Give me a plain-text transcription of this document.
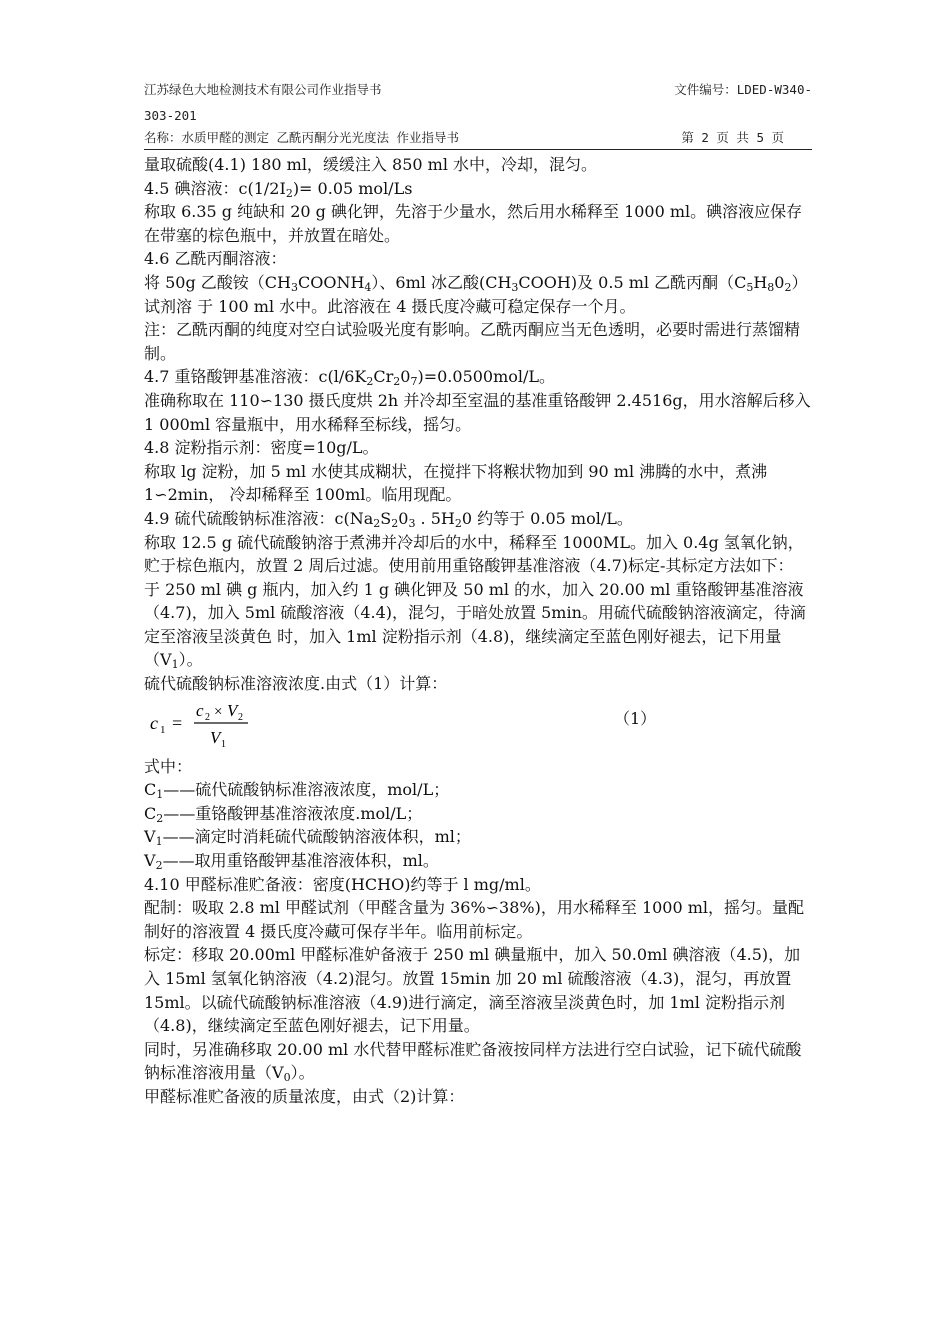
江苏绿色大地检测技术有限公司作业指导书	文件编号：LDED-W340-
303-201
名称：水质甲醛的测定 乙酰丙酮分光光度法 作业指导书	第 2 页 共 5 页

量取硫酸(4.1) 180 ml，缓缓注入 850 ml 水中，冷却，混匀。

4.5 碘溶液：$c(1/2I_2)= 0.05$ mol/Ls

称取 6.35 g 纯缺和 20 g 碘化钾，先溶于少量水，然后用水稀释至 1000 ml。碘溶液应保存在带塞的棕色瓶中，并放置在暗处。

4.6 乙酰丙酮溶液：

将 50g 乙酸铵$(CH_3COONH_4)$、6ml 冰乙酸$(CH_3COOH)$及 0.5 ml 乙酰丙酮$(C_5H_80_2)$试剂溶 于 100 ml 水中。此溶液在 4 摄氏度冷藏可稳定保存一个月。

注：乙酰丙酮的纯度对空白试验吸光度有影响。乙酰丙酮应当无色透明，必要时需进行蒸馏精制。

4.7 重铬酸钾基准溶液：$c(l/6K_2Cr_20_7)=0.0500mol/L$。

准确称取在 110∽130 摄氏度烘 2h 并冷却至室温的基准重铬酸钾 2.4516g，用水溶解后移入 1 000ml 容量瓶中，用水稀释至标线，摇匀。

4.8 淀粉指示剂：密度=10g/L。

称取 lg 淀粉，加 5 ml 水使其成糊状，在搅拌下将糇状物加到 90 ml 沸腾的水中，煮沸 1∽2min， 冷却稀释至 100ml。临用现配。

4.9 硫代硫酸钠标准溶液：$c(Na_2S_20_3$ . $5H_20$ 约等于 0.05 mol/L。

称取 12.5 g 硫代硫酸钠溶于煮沸并冷却后的水中，稀释至 1000ML。加入 0.4g 氢氧化钠，贮于棕色瓶内，放置 2 周后过滤。使用前用重铬酸钾基准溶液（4.7)标定-其标定方法如下：

于 250 ml 碘 g 瓶内，加入约 1 g 碘化钾及 50 ml 的水，加入 20.00 ml 重铬酸钾基准溶液（4.7)，加入 5ml 硫酸溶液（4.4)，混匀，于暗处放置 5min。用硫代硫酸钠溶液滴定，待滴定至溶液呈淡黄色 时，加入 1ml 淀粉指示剂（4.8)，继续滴定至蓝色刚好褪去，记下用量$(V_1)$。

硫代硫酸钠标准溶液浓度.由式（1）计算：

c 1 =
c 2 × V 2
V 1
（1）

式中：

$C_1——$硫代硫酸钠标准溶液浓度，mol/L；

$C_2——$重铬酸钾基准溶液浓度.mol/L；

$V_1——$滴定时消耗硫代硫酸钠溶液体积，ml；

$V_2——$取用重铬酸钾基准溶液体积，ml。

4.10 甲醛标准贮备液：密度(HCHO)约等于 l mg/ml。

配制：吸取 2.8 ml 甲醛试剂（甲醛含量为 36%∽38%)，用水稀释至 1000 ml，摇匀。量配制好的溶液置 4 摄氏度冷藏可保存半年。临用前标定。

标定：移取 20.00ml 甲醛标准妒备液于 250 ml 碘量瓶中，加入 50.0ml 碘溶液（4.5)，加入 15ml 氢氧化钠溶液（4.2)混匀。放置 15min 加 20 ml 硫酸溶液（4.3)，混匀，再放置 15ml。以硫代硫酸钠标准溶液（4.9)进行滴定，滴至溶液呈淡黄色时，加 1ml 淀粉指示剂（4.8)，继续滴定至蓝色刚好褪去，记下用量。

同时，另准确移取 20.00 ml 水代替甲醛标准贮备液按同样方法进行空白试验，记下硫代硫酸钠标准溶液用量$(V_0)$。

甲醛标准贮备液的质量浓度，由式（2)计算：
